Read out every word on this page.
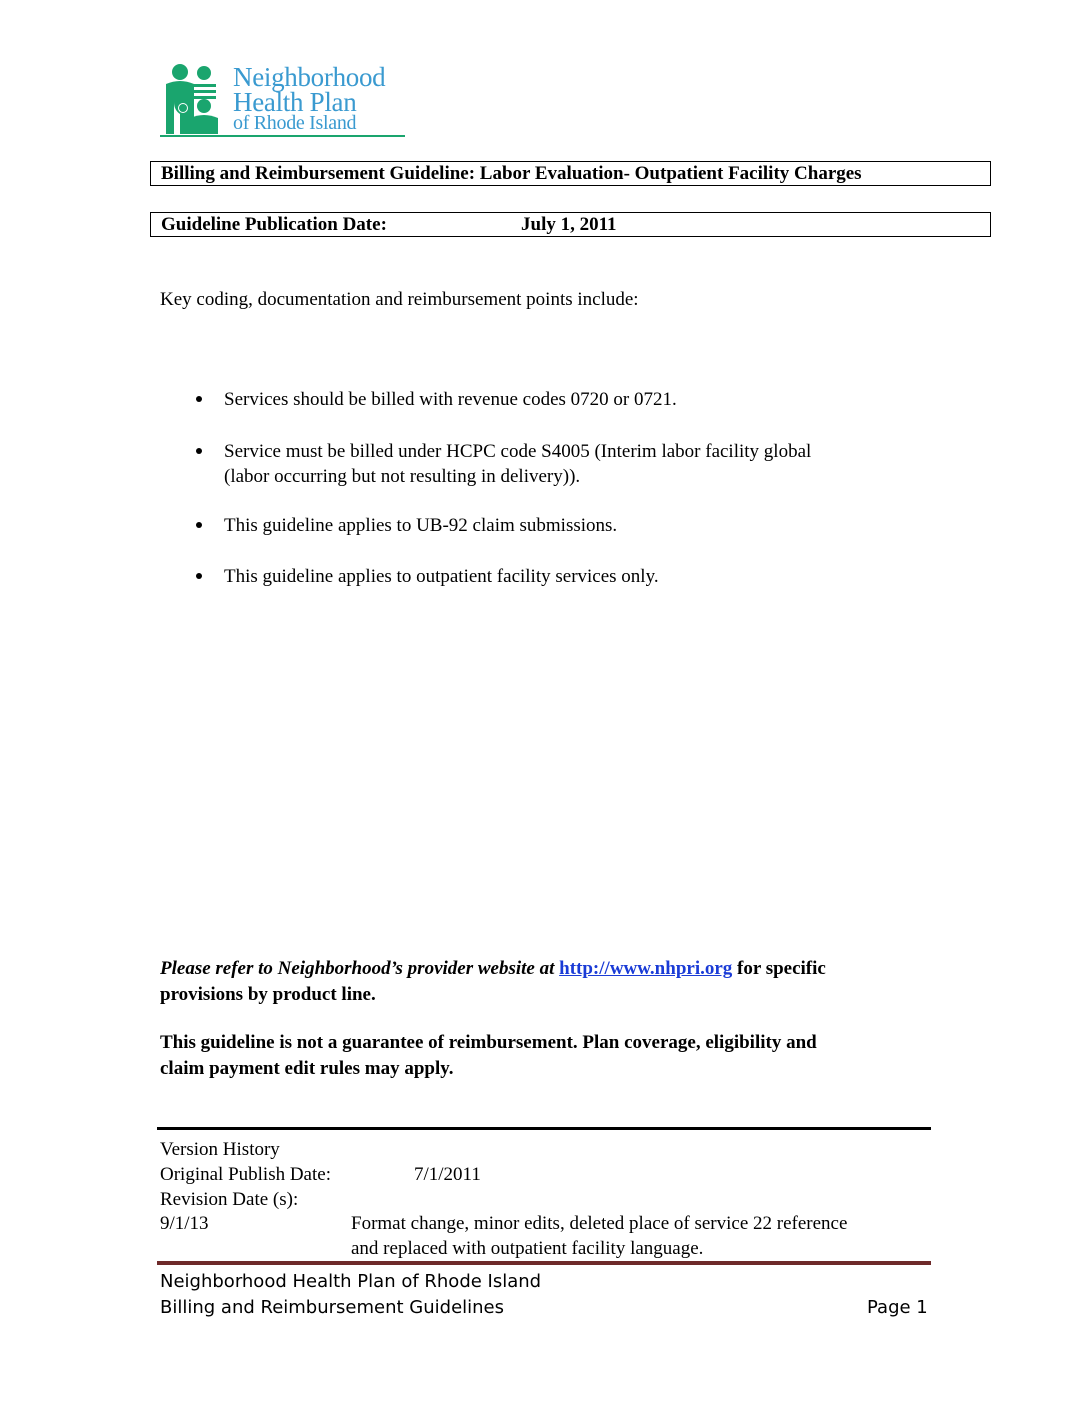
Neighborhood
Health Plan
of Rhode Island
Billing and Reimbursement Guideline: Labor Evaluation- Outpatient Facility Charges
Guideline Publication Date:	July 1, 2011
Key coding, documentation and reimbursement points include:
Services should be billed with revenue codes 0720 or 0721.
Service must be billed under HCPC code S4005 (Interim labor facility global
(labor occurring but not resulting in delivery)).
This guideline applies to UB-92 claim submissions.
This guideline applies to outpatient facility services only.
Please refer to Neighborhood’s provider website at http://www.nhpri.org for specific
provisions by product line.
This guideline is not a guarantee of reimbursement. Plan coverage, eligibility and
claim payment edit rules may apply.
Version History
Original Publish Date:	7/1/2011
Revision Date (s):
9/1/13	Format change, minor edits, deleted place of service 22 reference
and replaced with outpatient facility language.
Neighborhood Health Plan of Rhode Island
Billing and Reimbursement Guidelines	Page 1
